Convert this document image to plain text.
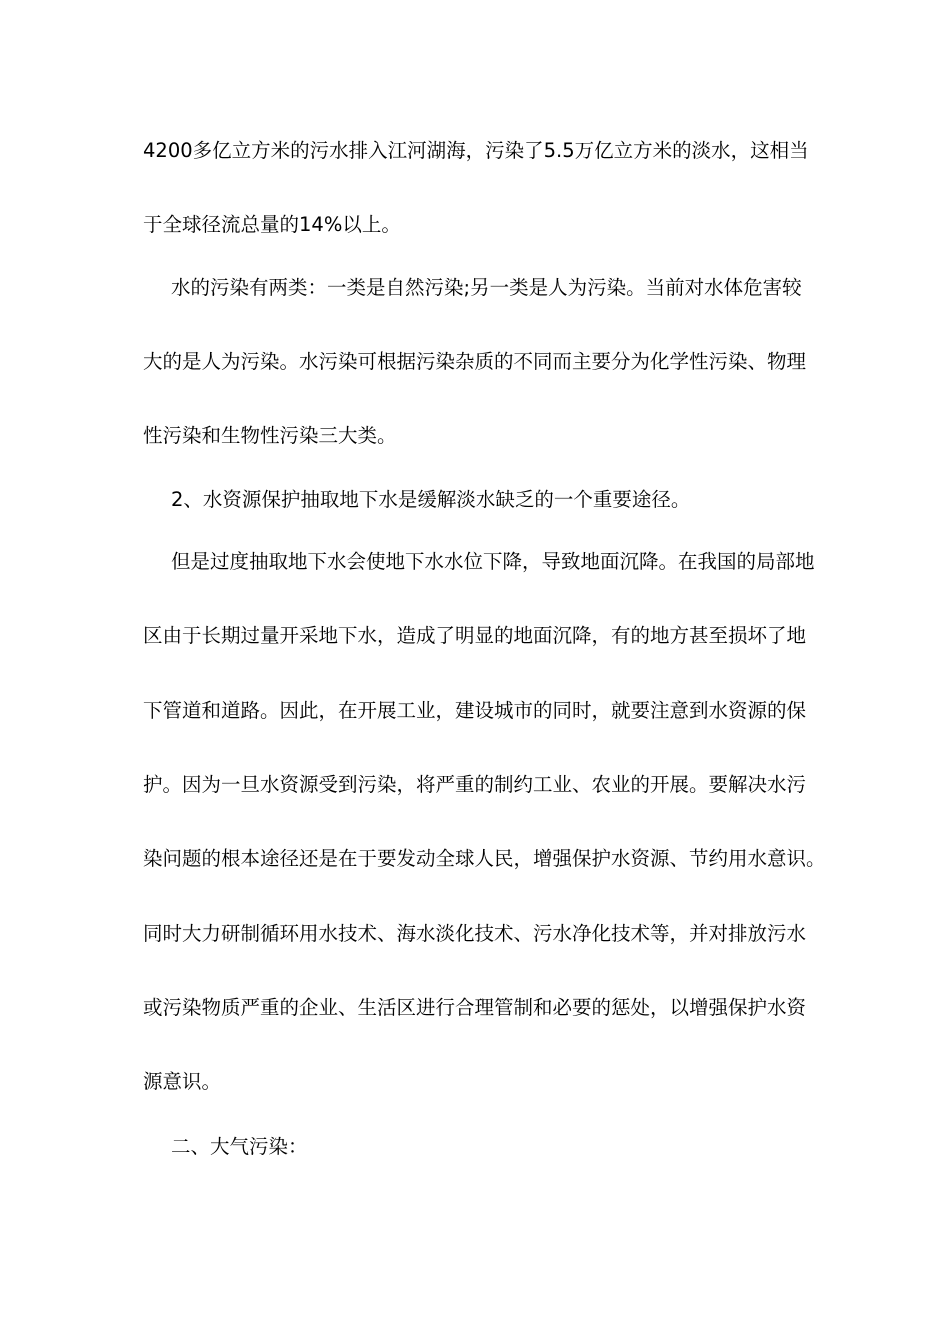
4200多亿立方米的污水排入江河湖海，污染了5.5万亿立方米的淡水，这相当
于全球径流总量的14%以上。
水的污染有两类：一类是自然污染;另一类是人为污染。当前对水体危害较
大的是人为污染。水污染可根据污染杂质的不同而主要分为化学性污染、物理
性污染和生物性污染三大类。
2、水资源保护抽取地下水是缓解淡水缺乏的一个重要途径。
但是过度抽取地下水会使地下水水位下降，导致地面沉降。在我国的局部地
区由于长期过量开采地下水，造成了明显的地面沉降，有的地方甚至损坏了地
下管道和道路。因此，在开展工业，建设城市的同时，就要注意到水资源的保
护。因为一旦水资源受到污染，将严重的制约工业、农业的开展。要解决水污
染问题的根本途径还是在于要发动全球人民，增强保护水资源、节约用水意识。
同时大力研制循环用水技术、海水淡化技术、污水净化技术等，并对排放污水
或污染物质严重的企业、生活区进行合理管制和必要的惩处，以增强保护水资
源意识。
二、大气污染：
